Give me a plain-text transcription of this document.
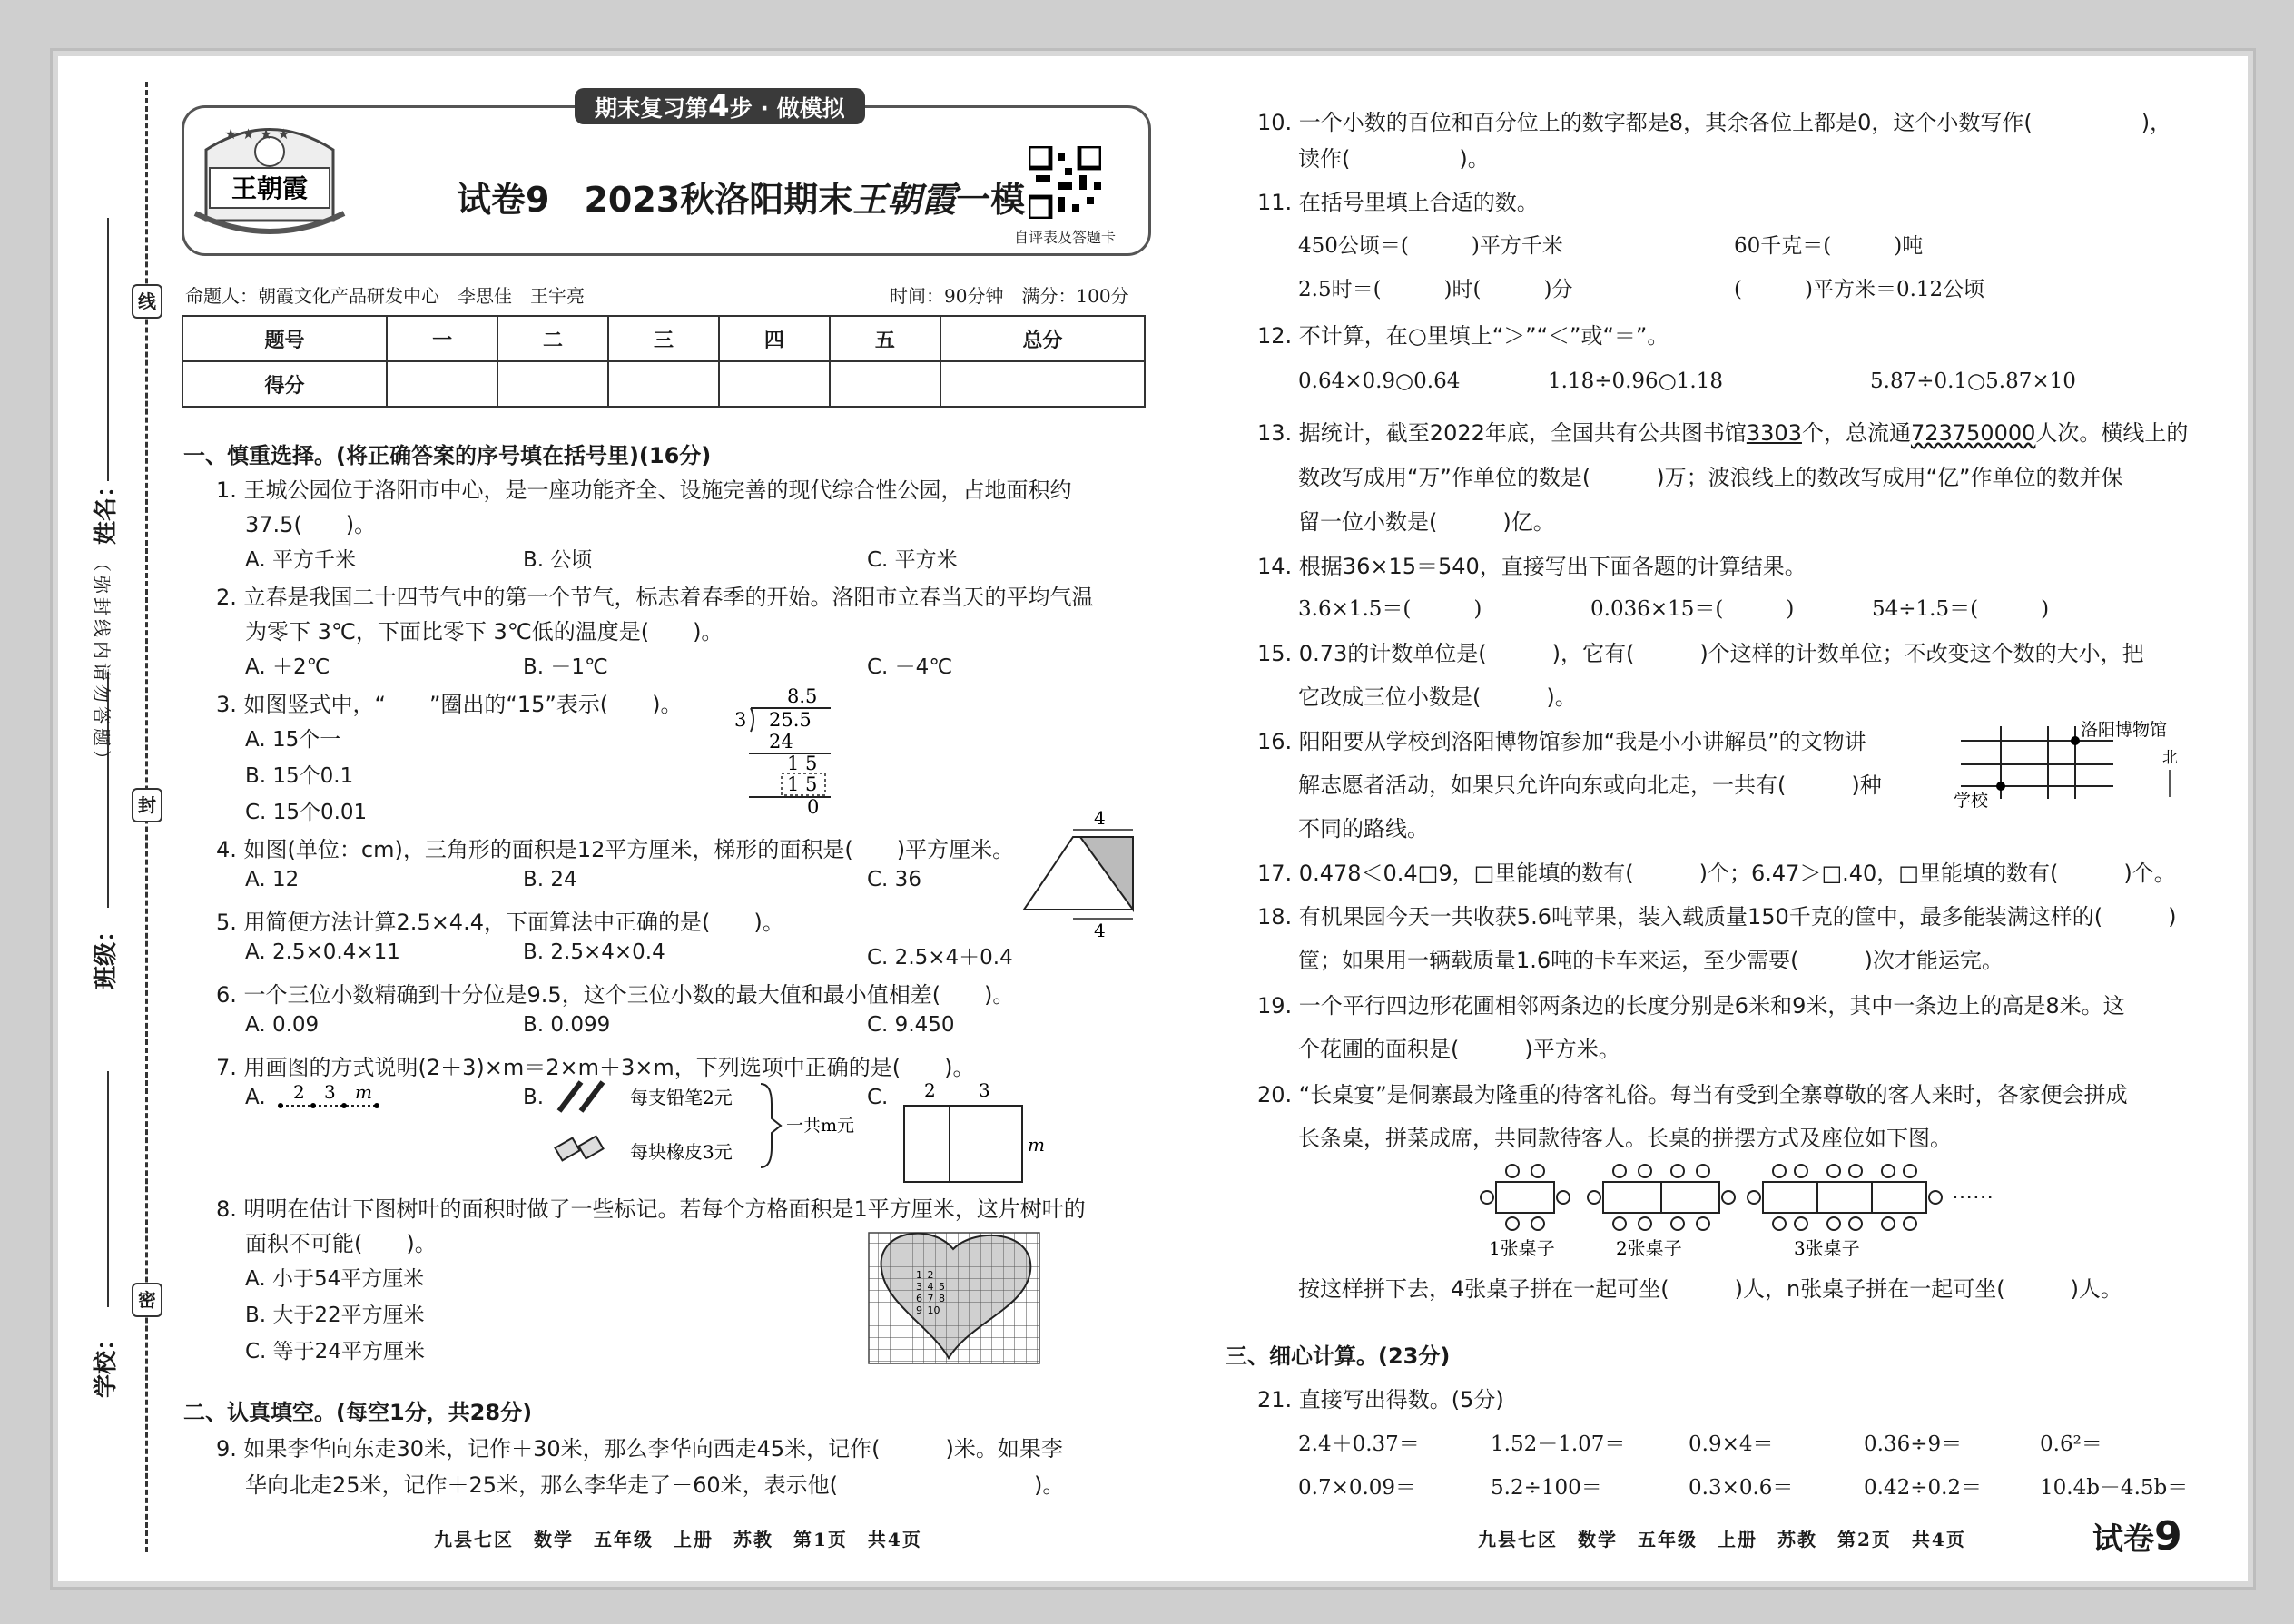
线
封
密
姓名：
班级：
学校：
（弥封线内请勿答题）
期末复习第4步 · 做模拟
★ ★ ★ ★
王朝霞	试卷9　2023秋洛阳期末王朝霞一模
自评表及答题卡
命题人：朝霞文化产品研发中心　李思佳　王宇亮	时间：90分钟　满分：100分
题号	一	二	三	四	五	总分
得分						
一、慎重选择。(将正确答案的序号填在括号里)(16分)
1. 王城公园位于洛阳市中心，是一座功能齐全、设施完善的现代综合性公园，占地面积约
37.5(　　)。
A. 平方千米	B. 公顷	C. 平方米
2. 立春是我国二十四节气中的第一个节气，标志着春季的开始。洛阳市立春当天的平均气温
为零下 3℃，下面比零下 3℃低的温度是(　　)。
A. ＋2℃	B. －1℃	C. －4℃
3. 如图竖式中，“　　”圈出的“15”表示(　　)。
A. 15个一
B. 15个0.1
C. 15个0.01
8.5
3 25.5
24
1 5
1 5
0
4. 如图(单位：cm)，三角形的面积是12平方厘米，梯形的面积是(　　)平方厘米。
A. 12	B. 24	C. 36
4
4
5. 用简便方法计算2.5×4.4，下面算法中正确的是(　　)。
A. 2.5×0.4×11	B. 2.5×4×0.4	C. 2.5×4＋0.4
6. 一个三位小数精确到十分位是9.5，这个三位小数的最大值和最小值相差(　　)。
A. 0.09	B. 0.099	C. 9.450
7. 用画图的方式说明(2＋3)×m＝2×m＋3×m，下列选项中正确的是(　　)。
A. 2 3 m	B.	每支铅笔2元
每块橡皮3元
一共m元
C. 2 3
m
8. 明明在估计下图树叶的面积时做了一些标记。若每个方格面积是1平方厘米，这片树叶的
面积不可能(　　)。
A. 小于54平方厘米
B. 大于22平方厘米
C. 等于24平方厘米
1 2
3 4 5
6 7 8
9 10
二、认真填空。(每空1分，共28分)
9. 如果李华向东走30米，记作＋30米，那么李华向西走45米，记作(　　　)米。如果李
华向北走25米，记作＋25米，那么李华走了－60米，表示他(　　　　　　　　　)。
九县七区　数学　五年级　上册　苏教　第1页　共4页
10. 一个小数的百位和百分位上的数字都是8，其余各位上都是0，这个小数写作(　　　　　)，
读作(　　　　　)。
11. 在括号里填上合适的数。
450公顷＝(　　　)平方千米	60千克＝(　　　)吨
2.5时＝(　　　)时(　　　)分	(　　　)平方米＝0.12公顷
12. 不计算，在○里填上“＞”“＜”或“＝”。
0.64×0.9○0.64	1.18÷0.96○1.18	5.87÷0.1○5.87×10
13. 据统计，截至2022年底，全国共有公共图书馆3303个，总流通723750000人次。横线上的
数改写成用“万”作单位的数是(　　　)万；波浪线上的数改写成用“亿”作单位的数并保
留一位小数是(　　　)亿。
14. 根据36×15＝540，直接写出下面各题的计算结果。
3.6×1.5＝(　　　)	0.036×15＝(　　　)	54÷1.5＝(　　　)
15. 0.73的计数单位是(　　　)，它有(　　　)个这样的计数单位；不改变这个数的大小，把
它改成三位小数是(　　　)。
16. 阳阳要从学校到洛阳博物馆参加“我是小小讲解员”的文物讲
解志愿者活动，如果只允许向东或向北走，一共有(　　　)种
不同的路线。
洛阳博物馆
北
学校
17. 0.478＜0.4□9，□里能填的数有(　　　)个；6.47＞□.40，□里能填的数有(　　　)个。
18. 有机果园今天一共收获5.6吨苹果，装入载质量150千克的筐中，最多能装满这样的(　　　)
筐；如果用一辆载质量1.6吨的卡车来运，至少需要(　　　)次才能运完。
19. 一个平行四边形花圃相邻两条边的长度分别是6米和9米，其中一条边上的高是8米。这
个花圃的面积是(　　　)平方米。
20. “长桌宴”是侗寨最为隆重的待客礼俗。每当有受到全寨尊敬的客人来时，各家便会拼成
长条桌，拼菜成席，共同款待客人。长桌的拼摆方式及座位如下图。
1张桌子	2张桌子	3张桌子
……
按这样拼下去，4张桌子拼在一起可坐(　　　)人，n张桌子拼在一起可坐(　　　)人。
三、细心计算。(23分)
21. 直接写出得数。(5分)
2.4＋0.37＝	1.52－1.07＝	0.9×4＝	0.36÷9＝	0.6²＝
0.7×0.09＝	5.2÷100＝	0.3×0.6＝	0.42÷0.2＝	10.4b－4.5b＝
九县七区　数学　五年级　上册　苏教　第2页　共4页	试卷9
